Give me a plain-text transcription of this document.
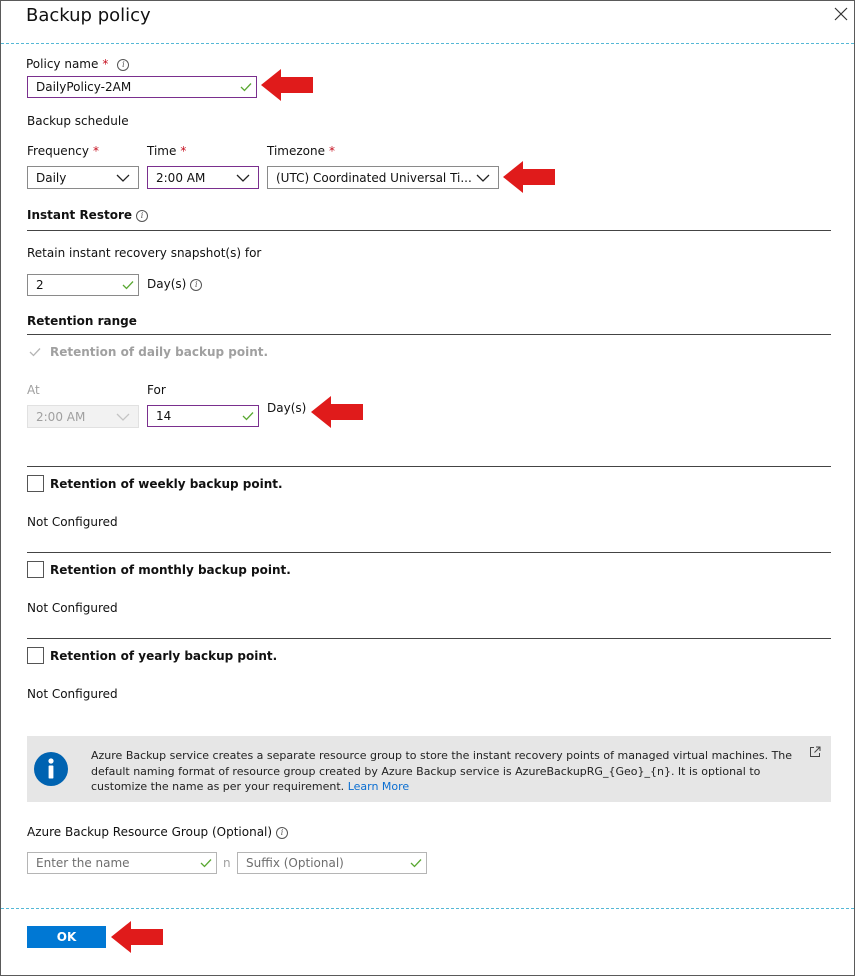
Backup policy
Policy name * i
DailyPolicy-2AM
Backup schedule
Frequency *
Daily
Time *
2:00 AM
Timezone *
(UTC) Coordinated Universal Ti...
Instant Restore i
Retain instant recovery snapshot(s) for
2	Day(s) i
Retention range
Retention of daily backup point.
At
2:00 AM
For
14
Day(s)
Retention of weekly backup point.
Not Configured
Retention of monthly backup point.
Not Configured
Retention of yearly backup point.
Not Configured
Azure Backup service creates a separate resource group to store the instant recovery points of managed virtual machines. The default naming format of resource group created by Azure Backup service is AzureBackupRG_{Geo}_{n}. It is optional to customize the name as per your requirement. Learn More
Azure Backup Resource Group (Optional) i
Enter the name	n Suffix (Optional)
OK
